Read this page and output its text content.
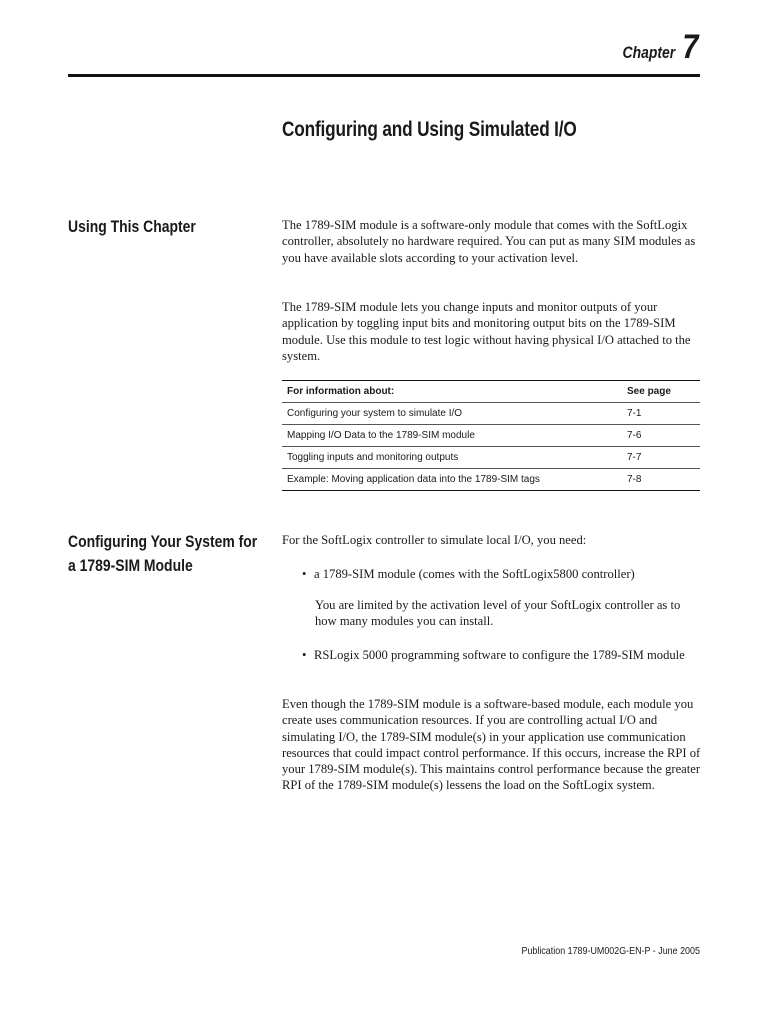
Chapter 7
Configuring and Using Simulated I/O
Using This Chapter	The 1789-SIM module is a software-only module that comes with the SoftLogix controller, absolutely no hardware required. You can put as many SIM modules as you have available slots according to your activation level.

The 1789-SIM module lets you change inputs and monitor outputs of your application by toggling input bits and monitoring output bits on the 1789-SIM module. Use this module to test logic without having physical I/O attached to the system.

For information about:	See page
Configuring your system to simulate I/O	7-1
Mapping I/O Data to the 1789-SIM module	7-6
Toggling inputs and monitoring outputs	7-7
Example: Moving application data into the 1789-SIM tags	7-8
Configuring Your System for
a 1789-SIM Module

For the SoftLogix controller to simulate local I/O, you need:

• a 1789-SIM module (comes with the SoftLogix5800 controller)

You are limited by the activation level of your SoftLogix controller as to how many modules you can install.

• RSLogix 5000 programming software to configure the 1789-SIM module

Even though the 1789-SIM module is a software-based module, each module you create uses communication resources. If you are controlling actual I/O and simulating I/O, the 1789-SIM module(s) in your application use communication resources that could impact control performance. If this occurs, increase the RPI of your 1789-SIM module(s). This maintains control performance because the greater RPI of the 1789-SIM module(s) lessens the load on the SoftLogix system.

Publication 1789-UM002G-EN-P - June 2005
